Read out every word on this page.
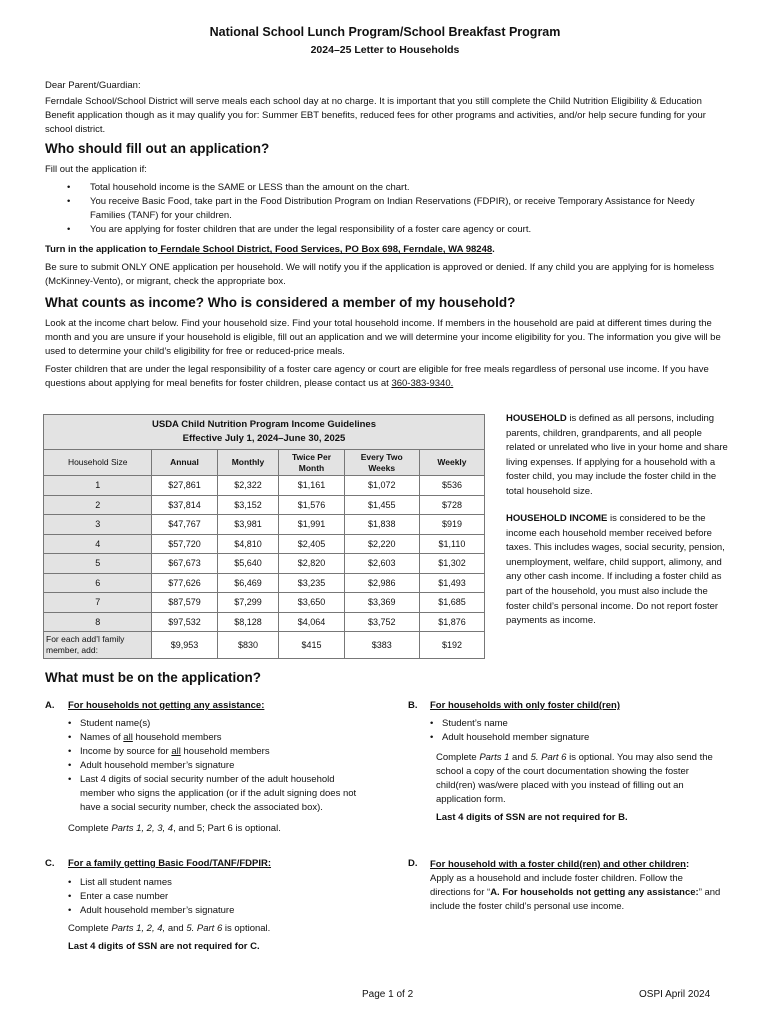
National School Lunch Program/School Breakfast Program
2024–25 Letter to Households

Dear Parent/Guardian:

Ferndale School/School District will serve meals each school day at no charge. It is important that you still complete the Child Nutrition Eligibility & Education Benefit application though as it may qualify you for: Summer EBT benefits, reduced fees for other programs and activities, and/or help secure funding for your school district.

Who should fill out an application?

Fill out the application if:

• Total household income is the SAME or LESS than the amount on the chart.
• You receive Basic Food, take part in the Food Distribution Program on Indian Reservations (FDPIR), or receive Temporary Assistance for Needy Families (TANF) for your children.
• You are applying for foster children that are under the legal responsibility of a foster care agency or court.

Turn in the application to Ferndale School District, Food Services, PO Box 698, Ferndale, WA 98248.

Be sure to submit ONLY ONE application per household. We will notify you if the application is approved or denied. If any child you are applying for is homeless (McKinney-Vento), or migrant, check the appropriate box.

What counts as income? Who is considered a member of my household?

Look at the income chart below. Find your household size. Find your total household income. If members in the household are paid at different times during the month and you are unsure if your household is eligible, fill out an application and we will determine your income eligibility for you. The information you give will be used to determine your child’s eligibility for free or reduced-price meals.

Foster children that are under the legal responsibility of a foster care agency or court are eligible for free meals regardless of personal use income. If you have questions about applying for meal benefits for foster children, please contact us at 360-383-9340.

USDA Child Nutrition Program Income Guidelines
Effective July 1, 2024–June 30, 2025					
Household Size	Annual	Monthly	Twice Per Month	Every Two Weeks	Weekly
1	$27,861	$2,322	$1,161	$1,072	$536
2	$37,814	$3,152	$1,576	$1,455	$728
3	$47,767	$3,981	$1,991	$1,838	$919
4	$57,720	$4,810	$2,405	$2,220	$1,110
5	$67,673	$5,640	$2,820	$2,603	$1,302
6	$77,626	$6,469	$3,235	$2,986	$1,493
7	$87,579	$7,299	$3,650	$3,369	$1,685
8	$97,532	$8,128	$4,064	$3,752	$1,876
For each add’l family member, add:	$9,953	$830	$415	$383	$192

HOUSEHOLD is defined as all persons, including parents, children, grandparents, and all people related or unrelated who live in your home and share living expenses. If applying for a household with a foster child, you may include the foster child in the total household size.

HOUSEHOLD INCOME is considered to be the income each household member received before taxes. This includes wages, social security, pension, unemployment, welfare, child support, alimony, and any other cash income. If including a foster child as part of the household, you must also include the foster child’s personal income. Do not report foster payments as income.

What must be on the application?
A. For households not getting any assistance:
• Student name(s)
• Names of all household members
• Income by source for all household members
• Adult household member’s signature
• Last 4 digits of social security number of the adult household member who signs the application (or if the adult signing does not have a social security number, check the associated box).

Complete Parts 1, 2, 3, 4, and 5; Part 6 is optional.

B. For households with only foster child(ren)
• Student’s name
• Adult household member signature

Complete Parts 1 and 5. Part 6 is optional. You may also send the school a copy of the court documentation showing the foster child(ren) was/were placed with you instead of filling out an application form.

Last 4 digits of SSN are not required for B.

C. For a family getting Basic Food/TANF/FDPIR:
• List all student names
• Enter a case number
• Adult household member’s signature

Complete Parts 1, 2, 4, and 5. Part 6 is optional.

Last 4 digits of SSN are not required for C.

D. For household with a foster child(ren) and other children:

Apply as a household and include foster children. Follow the directions for “A. For households not getting any assistance:” and include the foster child’s personal use income.

Page 1 of 2	OSPI April 2024
